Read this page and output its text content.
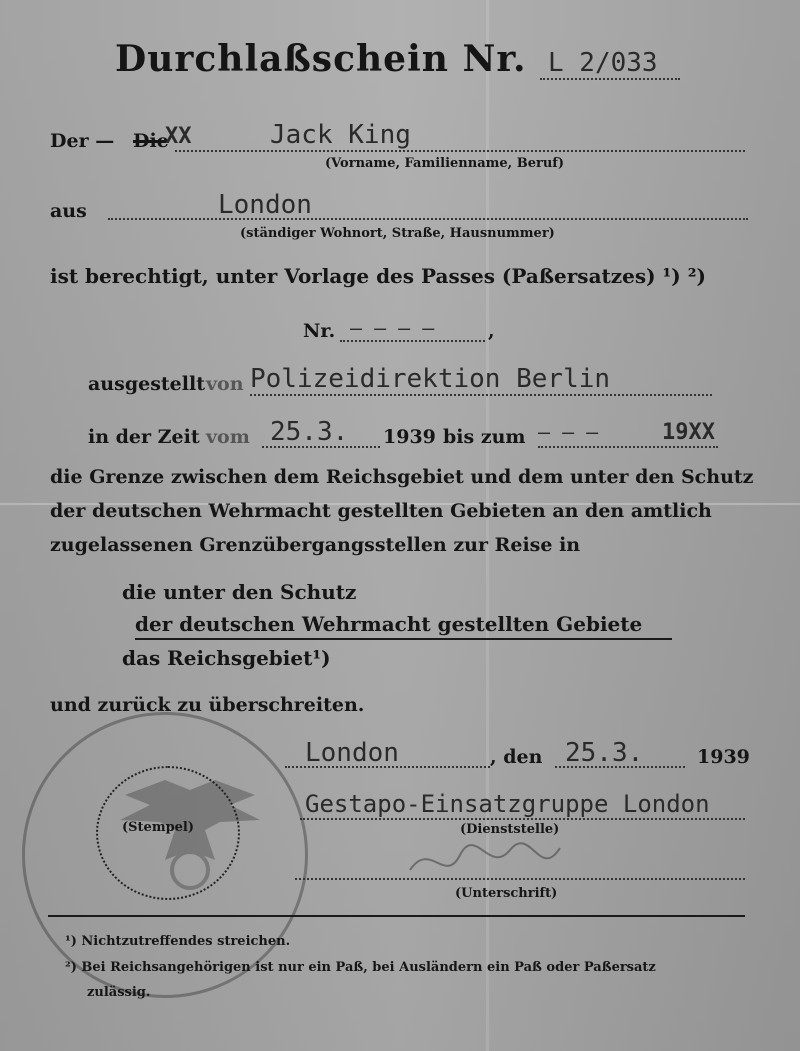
Durchlaßschein Nr. L 2/033
Der — Die
XX	Jack King
(Vorname, Familienname, Beruf)
aus	London
(ständiger Wohnort, Straße, Hausnummer)
ist berechtigt, unter Vorlage des Passes (Paßersatzes) ¹) ²)
Nr. — — — —	,
ausgestellt von Polizeidirektion Berlin
in der Zeit vom 25.3. 1939 bis zum — — —	19XX
die Grenze zwischen dem Reichsgebiet und dem unter den Schutz
der deutschen Wehrmacht gestellten Gebieten an den amtlich
zugelassenen Grenzübergangsstellen zur Reise in
die unter den Schutz
der deutschen Wehrmacht gestellten Gebiete
das Reichsgebiet¹)
und zurück zu überschreiten.
(Stempel)
London	, den 25.3.	1939
Gestapo-Einsatzgruppe London
(Dienststelle)
(Unterschrift)
¹) Nichtzutreffendes streichen.
²) Bei Reichsangehörigen ist nur ein Paß, bei Ausländern ein Paß oder Paßersatz
zulässig.
